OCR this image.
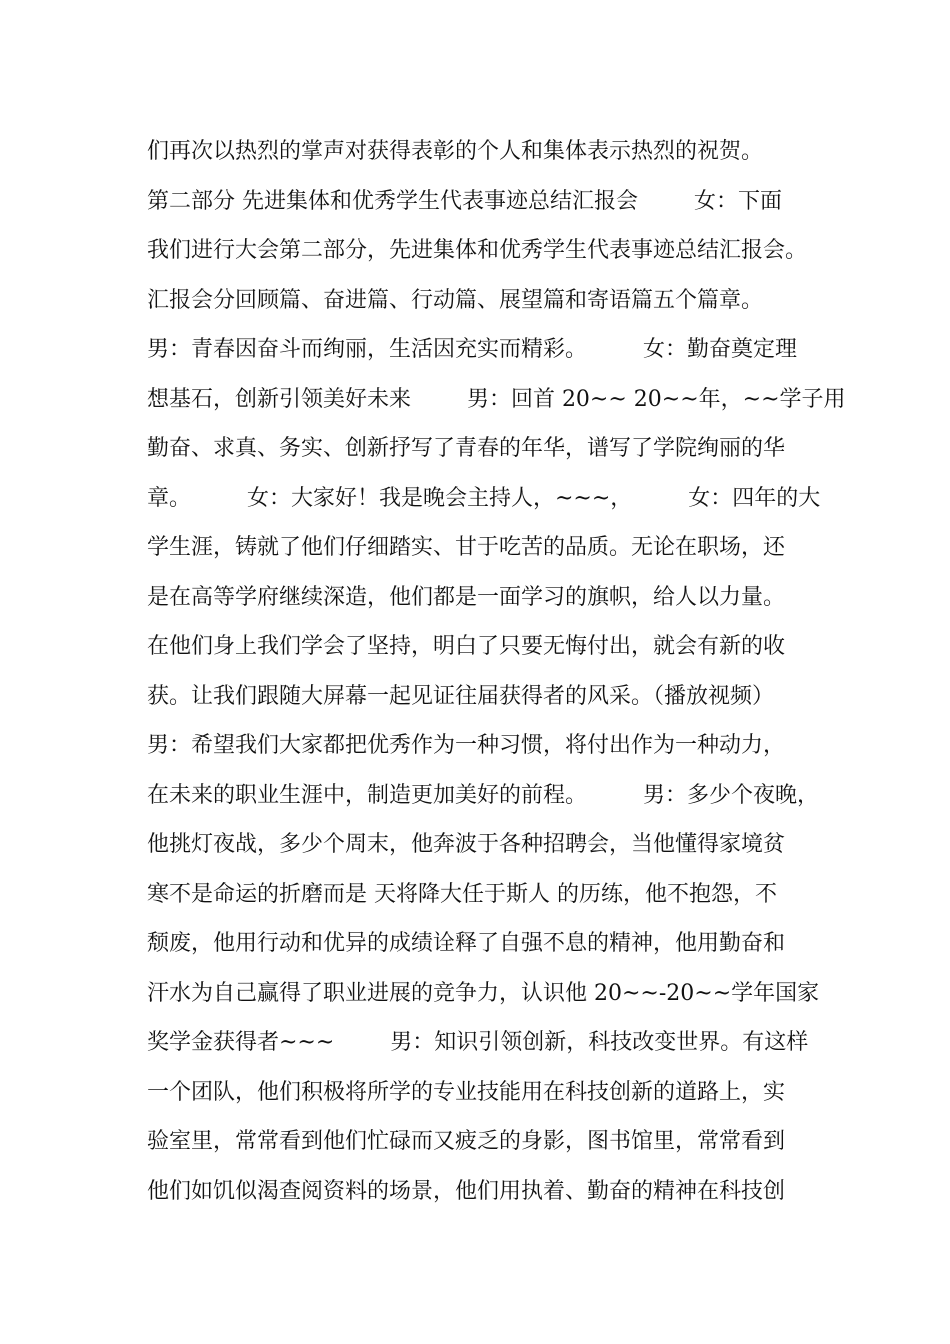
们再次以热烈的掌声对获得表彰的个人和集体表示热烈的祝贺。
第二部分 先进集体和优秀学生代表事迹总结汇报会        女：下面
我们进行大会第二部分，先进集体和优秀学生代表事迹总结汇报会。
汇报会分回顾篇、奋进篇、行动篇、展望篇和寄语篇五个篇章。
男：青春因奋斗而绚丽，生活因充实而精彩。        女：勤奋奠定理
想基石，创新引领美好未来        男：回首 20~~ 20~~年，~~学子用
勤奋、求真、务实、创新抒写了青春的年华，谱写了学院绚丽的华
章。        女：大家好！我是晚会主持人，~~~，        女：四年的大
学生涯，铸就了他们仔细踏实、甘于吃苦的品质。无论在职场，还
是在高等学府继续深造，他们都是一面学习的旗帜，给人以力量。
在他们身上我们学会了坚持，明白了只要无悔付出，就会有新的收
获。让我们跟随大屏幕一起见证往届获得者的风采。（播放视频）
男：希望我们大家都把优秀作为一种习惯，将付出作为一种动力，
在未来的职业生涯中，制造更加美好的前程。        男：多少个夜晚，
他挑灯夜战，多少个周末，他奔波于各种招聘会，当他懂得家境贫
寒不是命运的折磨而是 天将降大任于斯人 的历练，他不抱怨，不
颓废，他用行动和优异的成绩诠释了自强不息的精神，他用勤奋和
汗水为自己赢得了职业进展的竞争力，认识他 20~~-20~~学年国家
奖学金获得者~~~        男：知识引领创新，科技改变世界。有这样
一个团队，他们积极将所学的专业技能用在科技创新的道路上，实
验室里，常常看到他们忙碌而又疲乏的身影，图书馆里，常常看到
他们如饥似渴查阅资料的场景，他们用执着、勤奋的精神在科技创
